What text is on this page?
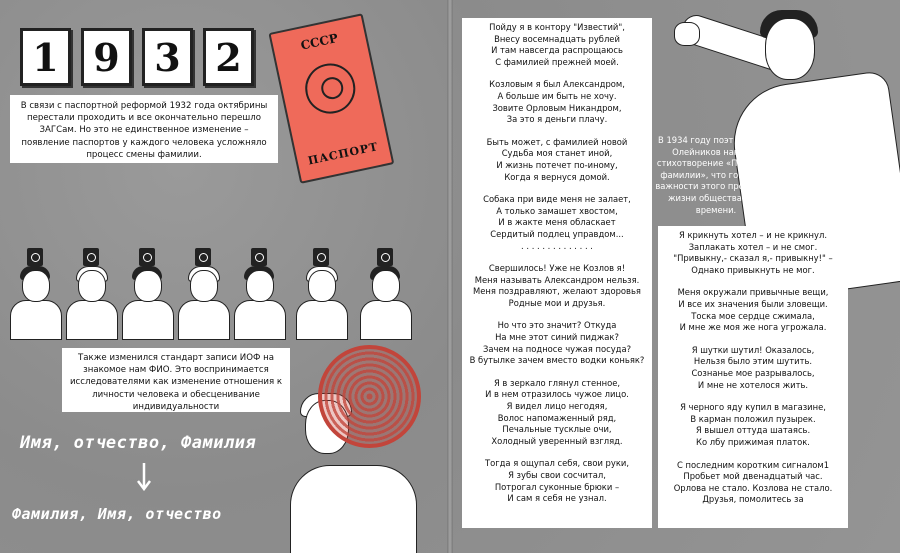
1 9 3 2
В связи с паспортной реформой 1932 года октябрины перестали проходить и все окончательно перешло ЗАГСам. Но это не единственное изменение – появление паспортов у каждого человека усложняло процесс смены фамилии.
СССР
ПАСПОРТ
Также изменился стандарт записи ИОФ на знакомое нам ФИО. Это воспринимается исследователями как изменение отношения к личности человека и обесценивание индивидуальности
Имя, отчество, Фамилия
Фамилия, Имя, отчество
В 1934 году поэт Николай Олейников написал стихотворение «Перемена фамилии», что говорит о важности этого процесса в жизни общества того времени.
Пойду я в контору "Известий",
Внесу восемнадцать рублей
И там навсегда распрощаюсь
С фамилией прежней моей.
Козловым я был Александром,
А больше им быть не хочу.
Зовите Орловым Никандром,
За это я деньги плачу.
Быть может, с фамилией новой
Судьба моя станет иной,
И жизнь потечет по-иному,
Когда я вернуся домой.
Собака при виде меня не залает,
А только замашет хвостом,
И в жакте меня обласкает
Сердитый подлец управдом...
. . . . . . . . . . . . . .
Свершилось! Уже не Козлов я!
Меня называть Александром нельзя.
Меня поздравляют, желают здоровья
Родные мои и друзья.
Но что это значит? Откуда
На мне этот синий пиджак?
Зачем на подносе чужая посуда?
В бутылке зачем вместо водки коньяк?
Я в зеркало глянул стенное,
И в нем отразилось чужое лицо.
Я видел лицо негодяя,
Волос напомаженный ряд,
Печальные тусклые очи,
Холодный уверенный взгляд.
Тогда я ощупал себя, свои руки,
Я зубы свои сосчитал,
Потрогал суконные брюки –
И сам я себя не узнал.
Я крикнуть хотел – и не крикнул.
Заплакать хотел – и не смог.
"Привыкну,- сказал я,- привыкну!" –
Однако привыкнуть не мог.
Меня окружали привычные вещи,
И все их значения были зловещи.
Тоска мое сердце сжимала,
И мне же моя же нога угрожала.
Я шутки шутил! Оказалось,
Нельзя было этим шутить.
Сознанье мое разрывалось,
И мне не хотелося жить.
Я черного яду купил в магазине,
В карман положил пузырек.
Я вышел оттуда шатаясь.
Ко лбу прижимая платок.
С последним коротким сигналом1
Пробьет мой двенадцатый час.
Орлова не стало. Козлова не стало.
Друзья, помолитесь за
